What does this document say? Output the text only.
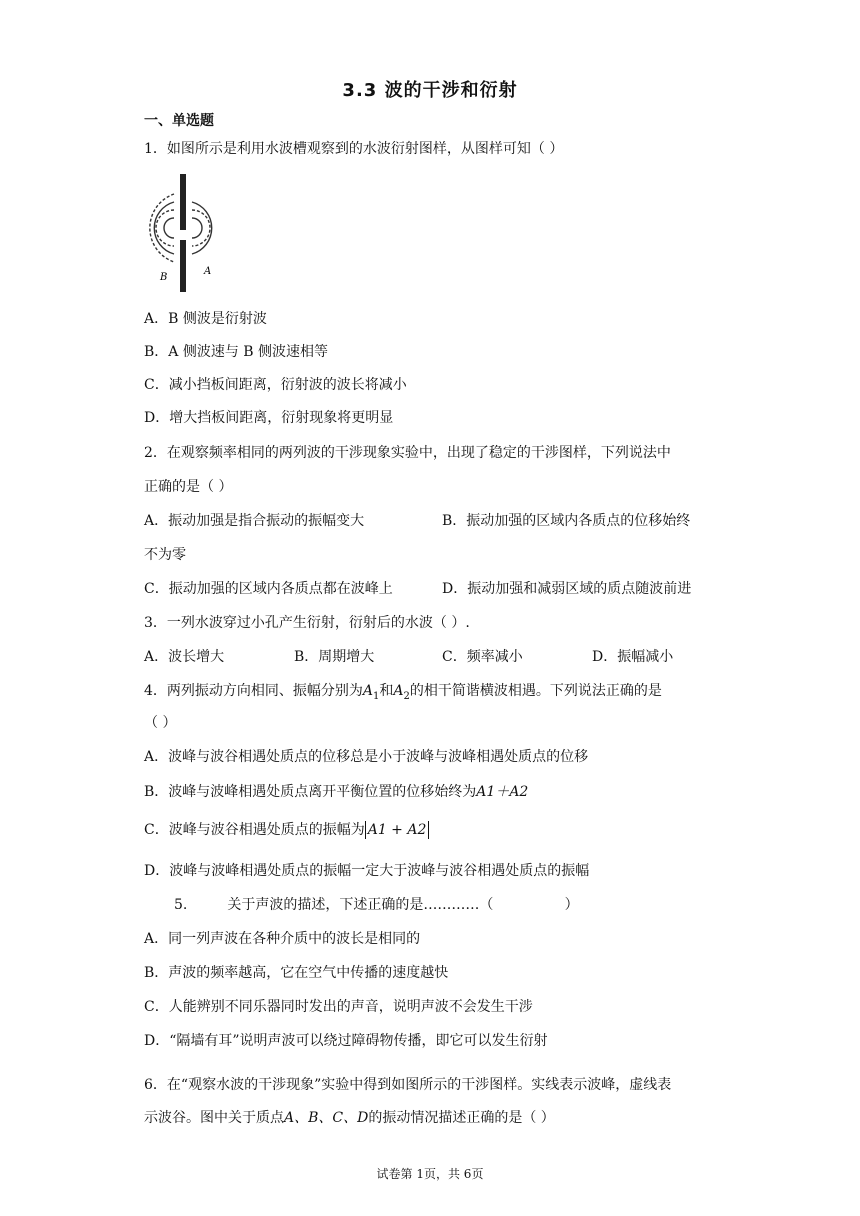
3.3 波的干涉和衍射
一、单选题
1．如图所示是利用水波槽观察到的水波衍射图样，从图样可知（ ）
B
A
A．B 侧波是衍射波
B．A 侧波速与 B 侧波速相等
C．减小挡板间距离，衍射波的波长将减小
D．增大挡板间距离，衍射现象将更明显
2．在观察频率相同的两列波的干涉现象实验中，出现了稳定的干涉图样，下列说法中
正确的是（ ）
A．振动加强是指合振动的振幅变大	B．振动加强的区域内各质点的位移始终
不为零
C．振动加强的区域内各质点都在波峰上	D．振动加强和减弱区域的质点随波前进
3．一列水波穿过小孔产生衍射，衍射后的水波（ ）.
A．波长增大	B．周期增大	C．频率减小	D．振幅减小
4．两列振动方向相同、振幅分别为$A_1$和$A_2$的相干简谐横波相遇。下列说法正确的是
（ ）
A．波峰与波谷相遇处质点的位移总是小于波峰与波峰相遇处质点的位移
B．波峰与波峰相遇处质点离开平衡位置的位移始终为A1＋A2
C．波峰与波谷相遇处质点的振幅为 A1 + A2
D．波峰与波峰相遇处质点的振幅一定大于波峰与波谷相遇处质点的振幅
5.         关于声波的描述，下述正确的是…………（                ）
A．同一列声波在各种介质中的波长是相同的
B．声波的频率越高，它在空气中传播的速度越快
C．人能辨别不同乐器同时发出的声音，说明声波不会发生干涉
D．“隔墙有耳”说明声波可以绕过障碍物传播，即它可以发生衍射
6．在“观察水波的干涉现象”实验中得到如图所示的干涉图样。实线表示波峰，虚线表
示波谷。图中关于质点A、B、C、D的振动情况描述正确的是（ ）
试卷第 1页，共 6页
